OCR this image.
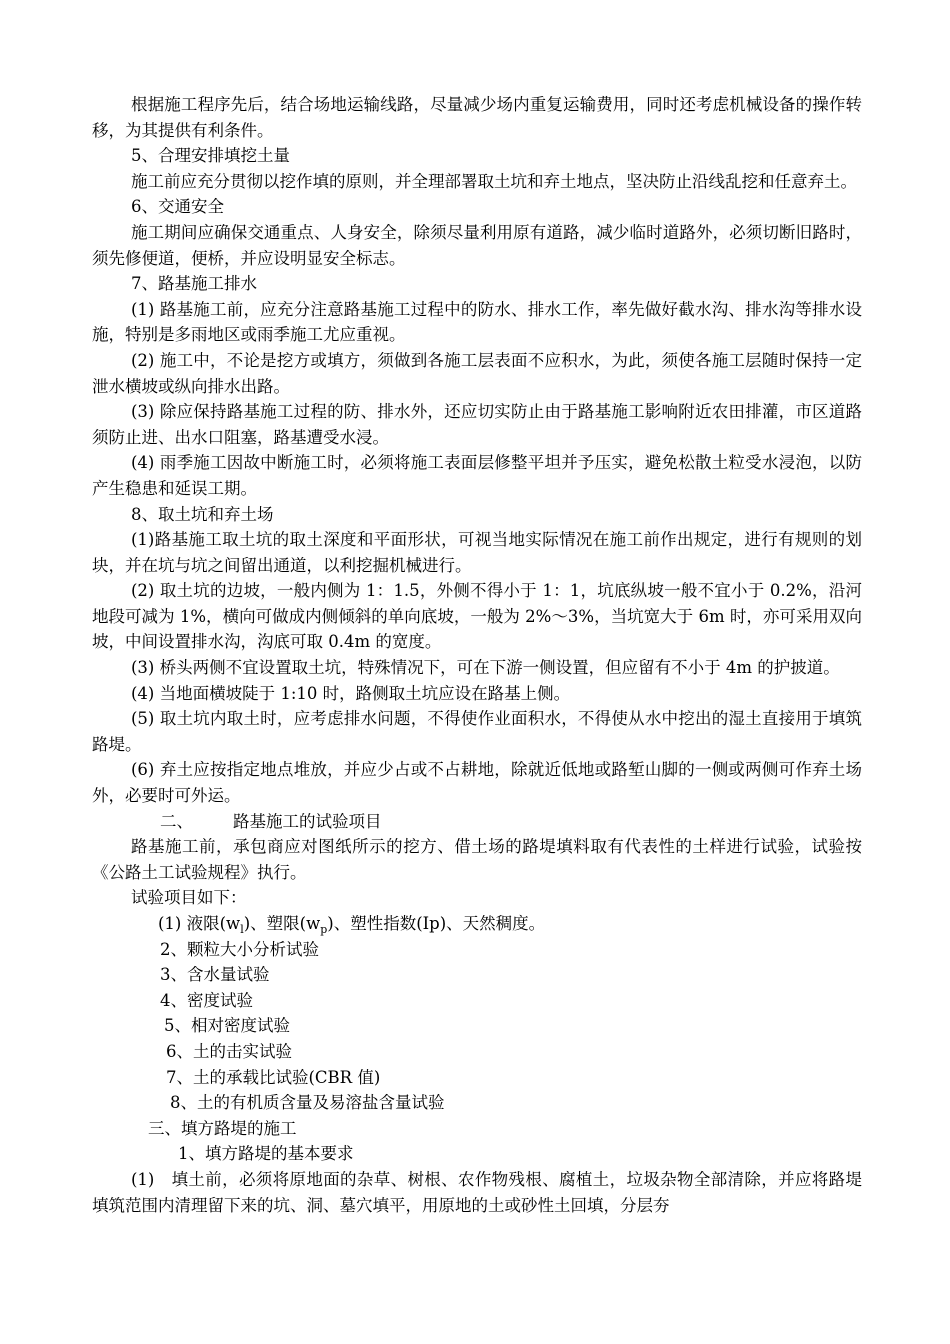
根据施工程序先后，结合场地运输线路，尽量减少场内重复运输费用，同时还考虑机械设备的操作转移，为其提供有利条件。

5、合理安排填挖土量

施工前应充分贯彻以挖作填的原则，并全理部署取土坑和弃土地点，坚决防止沿线乱挖和任意弃土。

6、交通安全

施工期间应确保交通重点、人身安全，除须尽量利用原有道路，减少临时道路外，必须切断旧路时，须先修便道，便桥，并应设明显安全标志。

7、路基施工排水

(1) 路基施工前，应充分注意路基施工过程中的防水、排水工作，率先做好截水沟、排水沟等排水设施，特别是多雨地区或雨季施工尤应重视。

(2) 施工中，不论是挖方或填方，须做到各施工层表面不应积水，为此，须使各施工层随时保持一定泄水横坡或纵向排水出路。

(3) 除应保持路基施工过程的防、排水外，还应切实防止由于路基施工影响附近农田排灌，市区道路须防止进、出水口阻塞，路基遭受水浸。

(4) 雨季施工因故中断施工时，必须将施工表面层修整平坦并予压实，避免松散土粒受水浸泡，以防产生稳患和延误工期。

8、取土坑和弃土场

(1)路基施工取土坑的取土深度和平面形状，可视当地实际情况在施工前作出规定，进行有规则的划块，并在坑与坑之间留出通道，以利挖掘机械进行。

(2) 取土坑的边坡，一般内侧为 1：1.5，外侧不得小于 1：1，坑底纵坡一般不宜小于 0.2%，沿河地段可减为 1%，横向可做成内侧倾斜的单向底坡，一般为 2%～3%，当坑宽大于 6m 时，亦可采用双向坡，中间设置排水沟，沟底可取 0.4m 的宽度。

(3) 桥头两侧不宜设置取土坑，特殊情况下，可在下游一侧设置，但应留有不小于 4m 的护披道。

(4) 当地面横坡陡于 1:10 时，路侧取土坑应设在路基上侧。

(5) 取土坑内取土时，应考虑排水问题，不得使作业面积水，不得使从水中挖出的湿土直接用于填筑路堤。

(6) 弃土应按指定地点堆放，并应少占或不占耕地，除就近低地或路堑山脚的一侧或两侧可作弃土场外，必要时可外运。

二、 路基施工的试验项目

路基施工前，承包商应对图纸所示的挖方、借土场的路堤填料取有代表性的土样进行试验，试验按《公路土工试验规程》执行。

试验项目如下：

(1) 液限$(w_l)$、塑限$(w_p)$、塑性指数(Ip)、天然稠度。

2、颗粒大小分析试验

3、含水量试验

4、密度试验

5、相对密度试验

6、土的击实试验

7、土的承载比试验(CBR 值)

8、土的有机质含量及易溶盐含量试验

三、填方路堤的施工

1、填方路堤的基本要求

(1)　填土前，必须将原地面的杂草、树根、农作物残根、腐植土，垃圾杂物全部清除，并应将路堤填筑范围内清理留下来的坑、洞、墓穴填平，用原地的土或砂性土回填，分层夯
